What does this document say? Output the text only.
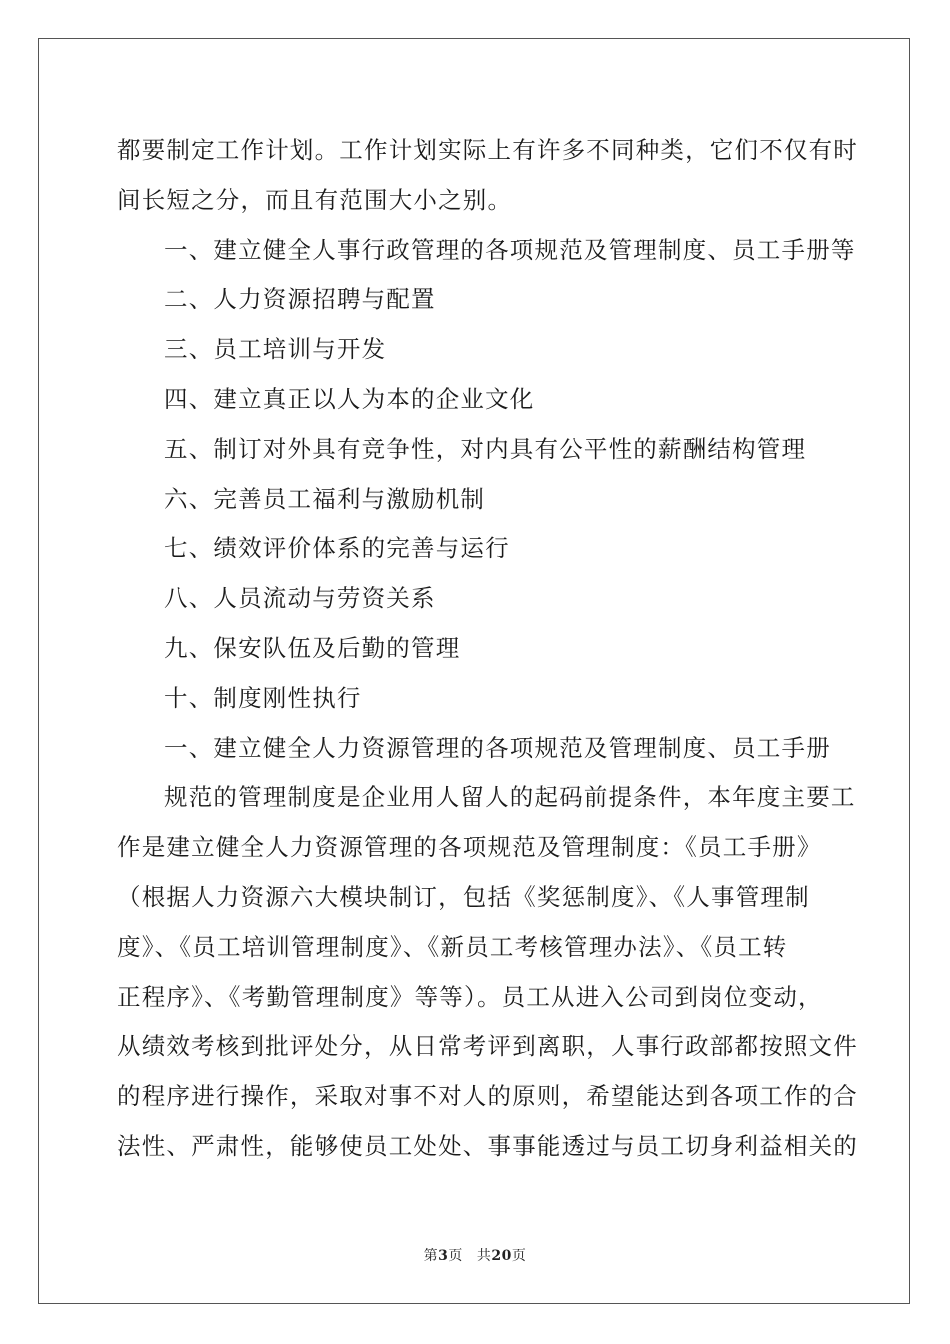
都要制定工作计划。工作计划实际上有许多不同种类，它们不仅有时
间长短之分，而且有范围大小之别。
一、建立健全人事行政管理的各项规范及管理制度、员工手册等
二、人力资源招聘与配置
三、员工培训与开发
四、建立真正以人为本的企业文化
五、制订对外具有竞争性，对内具有公平性的薪酬结构管理
六、完善员工福利与激励机制
七、绩效评价体系的完善与运行
八、人员流动与劳资关系
九、保安队伍及后勤的管理
十、制度刚性执行
一、建立健全人力资源管理的各项规范及管理制度、员工手册
规范的管理制度是企业用人留人的起码前提条件，本年度主要工
作是建立健全人力资源管理的各项规范及管理制度：《员工手册》
（根据人力资源六大模块制订，包括《奖惩制度》、《人事管理制
度》、《员工培训管理制度》、《新员工考核管理办法》、《员工转
正程序》、《考勤管理制度》等等）。员工从进入公司到岗位变动，
从绩效考核到批评处分，从日常考评到离职，人事行政部都按照文件
的程序进行操作，采取对事不对人的原则，希望能达到各项工作的合
法性、严肃性，能够使员工处处、事事能透过与员工切身利益相关的
第3页 共20页
